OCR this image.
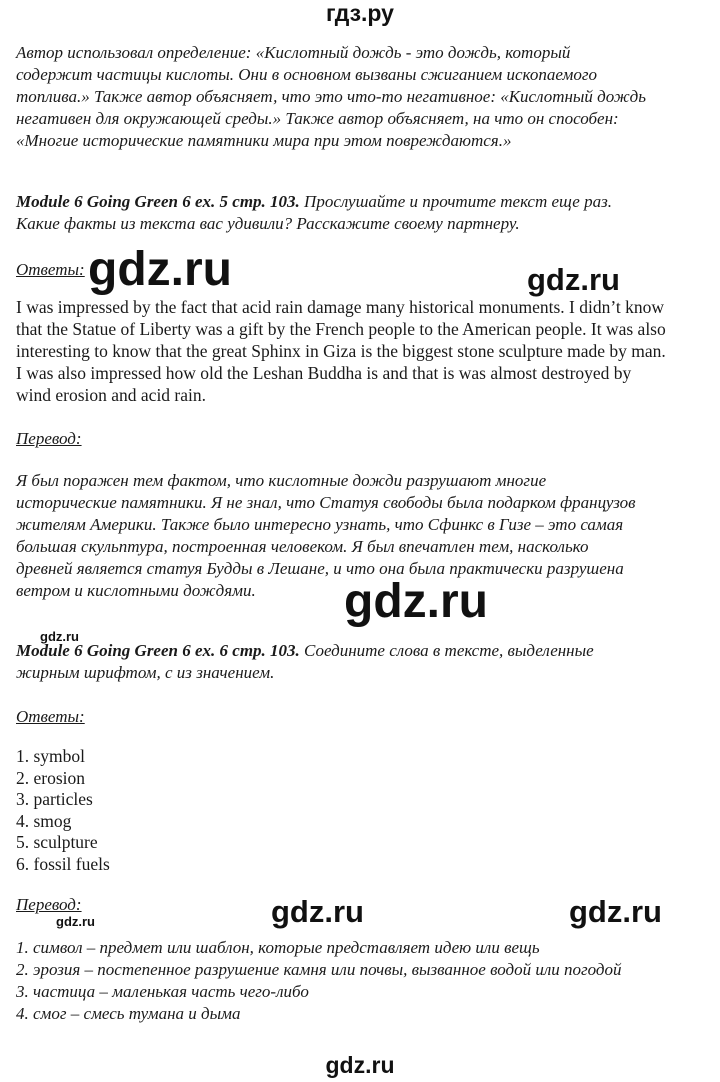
гдз.ру
Автор использовал определение: «Кислотный дождь - это дождь, который
содержит частицы кислоты. Они в основном вызваны сжиганием ископаемого
топлива.» Также автор объясняет, что это что-то негативное: «Кислотный дождь
негативен для окружающей среды.» Также автор объясняет, на что он способен:
«Многие исторические памятники мира при этом повреждаются.»
Module 6 Going Green 6 ex. 5 стр. 103. Прослушайте и прочтите текст еще раз.
Какие факты из текста вас удивили? Расскажите своему партнеру.
Ответы:
I was impressed by the fact that acid rain damage many historical monuments. I didn’t know
that the Statue of Liberty was a gift by the French people to the American people. It was also
interesting to know that the great Sphinx in Giza is the biggest stone sculpture made by man.
I was also impressed how old the Leshan Buddha is and that is was almost destroyed by
wind erosion and acid rain.
Перевод:
Я был поражен тем фактом, что кислотные дожди разрушают многие
исторические памятники. Я не знал, что Статуя свободы была подарком французов
жителям Америки. Также было интересно узнать, что Сфинкс в Гизе – это самая
большая скульптура, построенная человеком. Я был впечатлен тем, насколько
древней является статуя Будды в Лешане, и что она была практически разрушена
ветром и кислотными дождями.
Module 6 Going Green 6 ex. 6 стр. 103. Соедините слова в тексте, выделенные
жирным шрифтом, с из значением.
Ответы:
1. symbol
2. erosion
3. particles
4. smog
5. sculpture
6. fossil fuels
Перевод:
1. символ – предмет или шаблон, которые представляет идею или вещь
2. эрозия – постепенное разрушение камня или почвы, вызванное водой или погодой
3. частица – маленькая часть чего-либо
4. смог – смесь тумана и дыма
gdz.ru	gdz.ru
gdz.ru
gdz.ru
gdz.ru	gdz.ru
gdz.ru
gdz.ru
